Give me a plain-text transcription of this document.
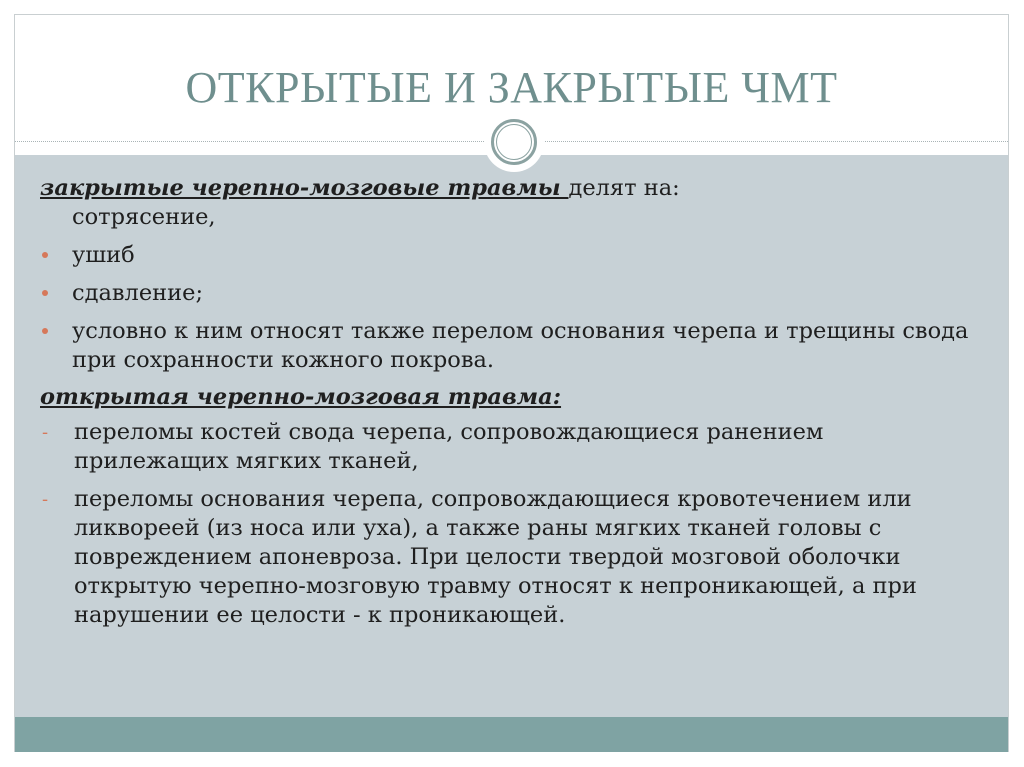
ОТКРЫТЫЕ И ЗАКРЫТЫЕ ЧМТ

закрытые черепно-мозговые травмы делят на:

сотрясение,

ушиб
сдавление;
условно к ним относят также перелом основания черепа и трещины свода при сохранности кожного покрова.

открытая черепно-мозговая травма:

-	переломы костей свода черепа, сопровождающиеся ранением прилежащих мягких тканей,
-	переломы основания черепа, сопровождающиеся кровотечением или ликвореей (из носа или уха), а также раны мягких тканей головы с повреждением апоневроза. При целости твердой мозговой оболочки открытую черепно-мозговую травму относят к непроникающей, а при нарушении ее целости - к проникающей.
